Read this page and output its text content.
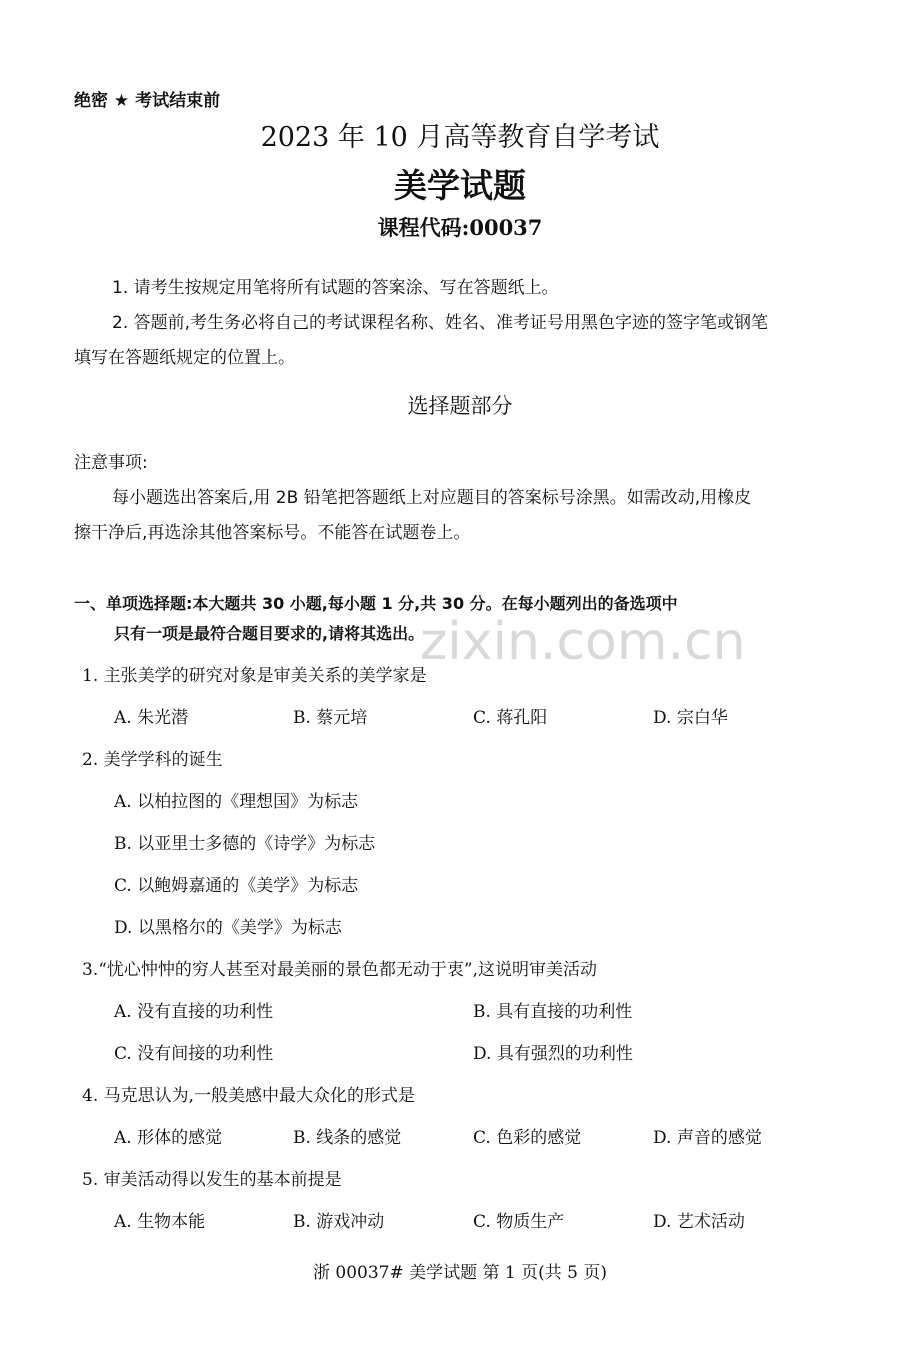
zixin.com.cn
绝密 ★ 考试结束前
2023 年 10 月高等教育自学考试
美学试题
课程代码:00037
1. 请考生按规定用笔将所有试题的答案涂、写在答题纸上。
2. 答题前,考生务必将自己的考试课程名称、姓名、准考证号用黑色字迹的签字笔或钢笔
填写在答题纸规定的位置上。
选择题部分
注意事项:
每小题选出答案后,用 2B 铅笔把答题纸上对应题目的答案标号涂黑。如需改动,用橡皮
擦干净后,再选涂其他答案标号。不能答在试题卷上。
一、单项选择题:本大题共 30 小题,每小题 1 分,共 30 分。在每小题列出的备选项中
只有一项是最符合题目要求的,请将其选出。
1. 主张美学的研究对象是审美关系的美学家是
A. 朱光潜	B. 蔡元培	C. 蒋孔阳	D. 宗白华
2. 美学学科的诞生
A. 以柏拉图的《理想国》为标志
B. 以亚里士多德的《诗学》为标志
C. 以鲍姆嘉通的《美学》为标志
D. 以黑格尔的《美学》为标志
3.“忧心忡忡的穷人甚至对最美丽的景色都无动于衷”,这说明审美活动
A. 没有直接的功利性	B. 具有直接的功利性
C. 没有间接的功利性	D. 具有强烈的功利性
4. 马克思认为,一般美感中最大众化的形式是
A. 形体的感觉	B. 线条的感觉	C. 色彩的感觉	D. 声音的感觉
5. 审美活动得以发生的基本前提是
A. 生物本能	B. 游戏冲动	C. 物质生产	D. 艺术活动
浙 00037# 美学试题 第 1 页(共 5 页)
